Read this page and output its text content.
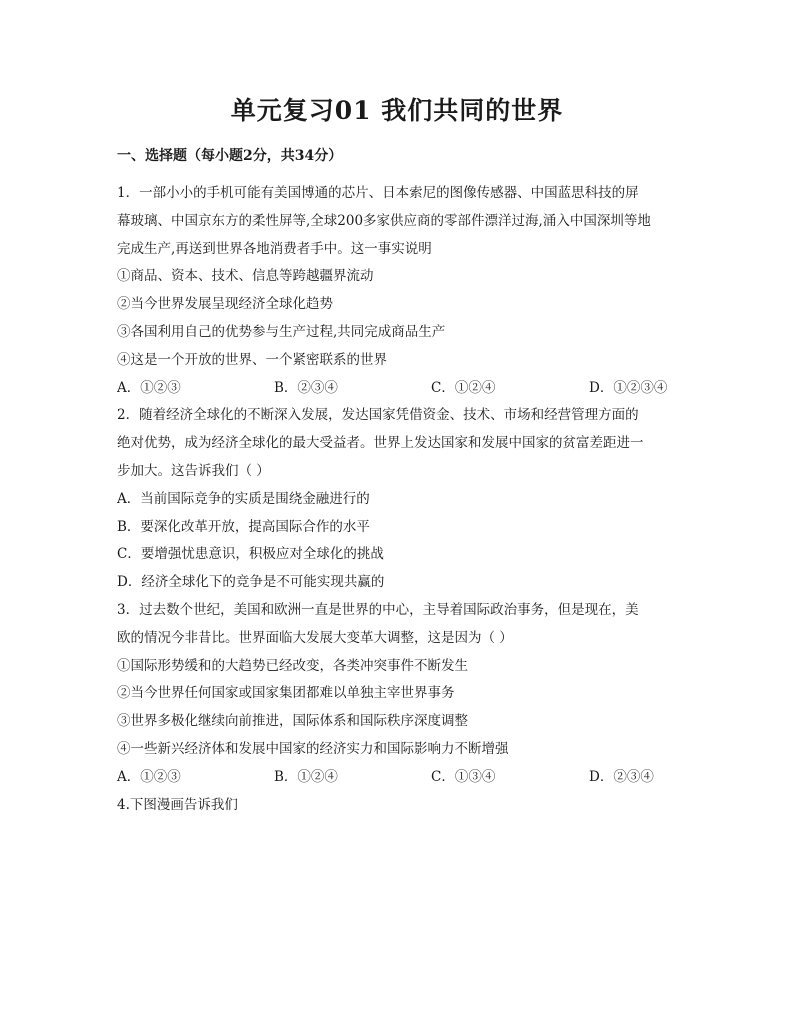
单元复习01 我们共同的世界
一、选择题（每小题2分，共34分）
1．一部小小的手机可能有美国博通的芯片、日本索尼的图像传感器、中国蓝思科技的屏
幕玻璃、中国京东方的柔性屏等,全球200多家供应商的零部件漂洋过海,涌入中国深圳等地
完成生产,再送到世界各地消费者手中。这一事实说明
①商品、资本、技术、信息等跨越疆界流动
②当今世界发展呈现经济全球化趋势
③各国利用自己的优势参与生产过程,共同完成商品生产
④这是一个开放的世界、一个紧密联系的世界
A．①②③	B．②③④	C．①②④	D．①②③④
2．随着经济全球化的不断深入发展，发达国家凭借资金、技术、市场和经营管理方面的
绝对优势，成为经济全球化的最大受益者。世界上发达国家和发展中国家的贫富差距进一
步加大。这告诉我们（ ）
A．当前国际竞争的实质是围绕金融进行的
B．要深化改革开放，提高国际合作的水平
C．要增强忧患意识，积极应对全球化的挑战
D．经济全球化下的竞争是不可能实现共赢的
3．过去数个世纪，美国和欧洲一直是世界的中心，主导着国际政治事务，但是现在，美
欧的情况今非昔比。世界面临大发展大变革大调整，这是因为（ ）
①国际形势缓和的大趋势已经改变，各类冲突事件不断发生
②当今世界任何国家或国家集团都难以单独主宰世界事务
③世界多极化继续向前推进，国际体系和国际秩序深度调整
④一些新兴经济体和发展中国家的经济实力和国际影响力不断增强
A．①②③	B．①②④	C．①③④	D．②③④
4.下图漫画告诉我们
